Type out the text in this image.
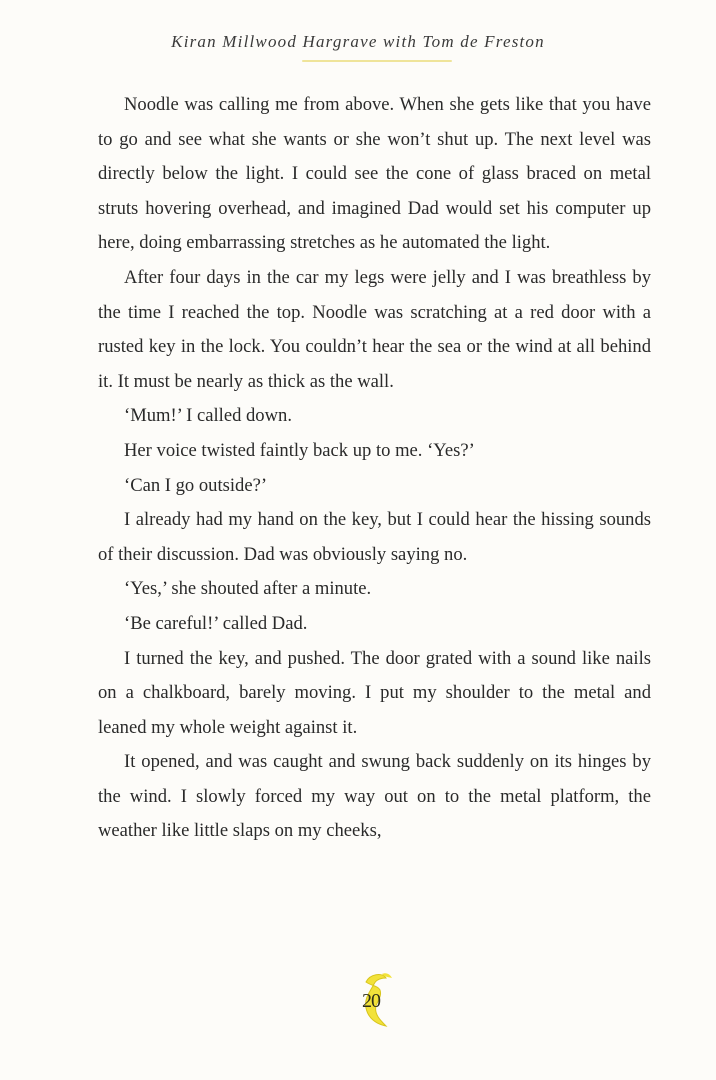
Kiran Millwood Hargrave with Tom de Freston

Noodle was calling me from above. When she gets like that you have to go and see what she wants or she won’t shut up. The next level was directly below the light. I could see the cone of glass braced on metal struts hovering overhead, and imagined Dad would set his computer up here, doing embarrassing stretches as he automated the light.

After four days in the car my legs were jelly and I was breathless by the time I reached the top. Noodle was scratching at a red door with a rusted key in the lock. You couldn’t hear the sea or the wind at all behind it. It must be nearly as thick as the wall.

‘Mum!’ I called down.

Her voice twisted faintly back up to me. ‘Yes?’

‘Can I go outside?’

I already had my hand on the key, but I could hear the hissing sounds of their discussion. Dad was obviously saying no.

‘Yes,’ she shouted after a minute.

‘Be careful!’ called Dad.

I turned the key, and pushed. The door grated with a sound like nails on a chalkboard, barely moving. I put my shoulder to the metal and leaned my whole weight against it.

It opened, and was caught and swung back suddenly on its hinges by the wind. I slowly forced my way out on to the metal platform, the weather like little slaps on my cheeks,

20
